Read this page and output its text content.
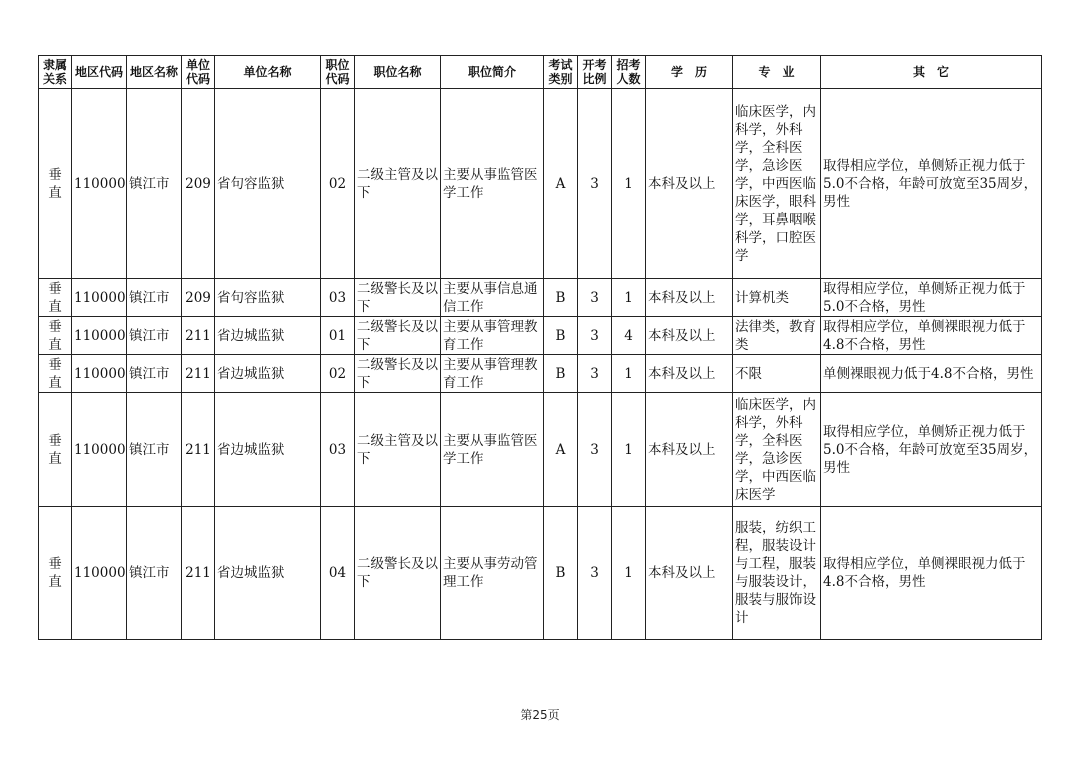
隶属关系	地区代码	地区名称	单位代码	单位名称	职位代码	职位名称	职位简介	考试类别	开考比例	招考人数	学　历	专　业	其　它
垂直	110000	镇江市	209	省句容监狱	02	二级主管及以下	主要从事监管医学工作	A	3	1	本科及以上	临床医学，内科学，外科学，全科医学，急诊医学，中西医临床医学，眼科学，耳鼻咽喉科学，口腔医学	取得相应学位，单侧矫正视力低于5.0不合格，年龄可放宽至35周岁，男性
垂直	110000	镇江市	209	省句容监狱	03	二级警长及以下	主要从事信息通信工作	B	3	1	本科及以上	计算机类	取得相应学位，单侧矫正视力低于5.0不合格，男性
垂直	110000	镇江市	211	省边城监狱	01	二级警长及以下	主要从事管理教育工作	B	3	4	本科及以上	法律类，教育类	取得相应学位，单侧裸眼视力低于4.8不合格，男性
垂直	110000	镇江市	211	省边城监狱	02	二级警长及以下	主要从事管理教育工作	B	3	1	本科及以上	不限	单侧裸眼视力低于4.8不合格，男性
垂直	110000	镇江市	211	省边城监狱	03	二级主管及以下	主要从事监管医学工作	A	3	1	本科及以上	临床医学，内科学，外科学，全科医学，急诊医学，中西医临床医学	取得相应学位，单侧矫正视力低于5.0不合格，年龄可放宽至35周岁，男性
垂直	110000	镇江市	211	省边城监狱	04	二级警长及以下	主要从事劳动管理工作	B	3	1	本科及以上	服装，纺织工程，服装设计与工程，服装与服装设计，服装与服饰设计	取得相应学位，单侧裸眼视力低于4.8不合格，男性
第25页
